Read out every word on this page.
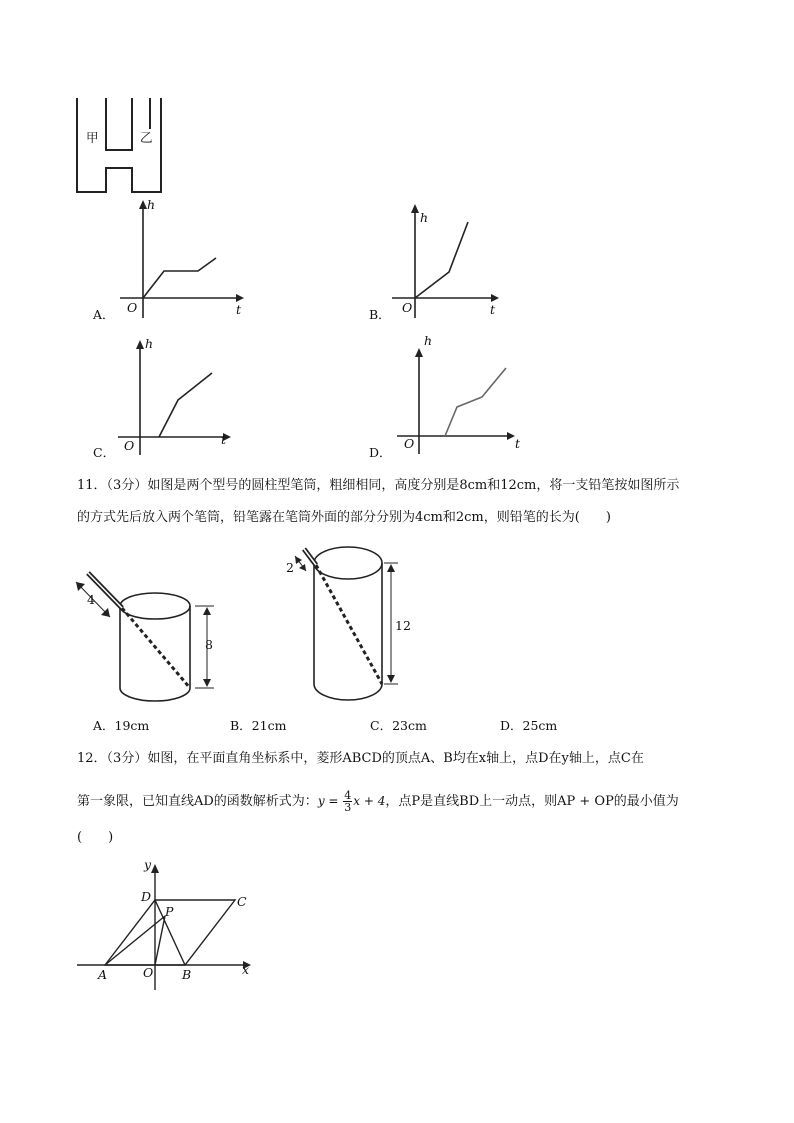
甲	乙
h
t
O
A．
h
t
O
B．
h
t
O
C．
h
t
O
D．
11．（3分）如图是两个型号的圆柱型笔筒，粗细相同，高度分别是8cm和12cm，将一支铅笔按如图所示
的方式先后放入两个笔筒，铅笔露在笔筒外面的部分分别为4cm和2cm，则铅笔的长为(　　)
4
8
2
12
A．19cm	B．21cm	C．23cm	D．25cm
12．（3分）如图，在平面直角坐标系中，菱形ABCD的顶点A、B均在x轴上，点D在y轴上，点C在
第一象限，已知直线AD的函数解析式为：$y = \frac{4}{3}$ x + 4，点P是直线BD上一动点，则AP + OP的最小值为
(　　)
y
x
A	O B
C
D
P
